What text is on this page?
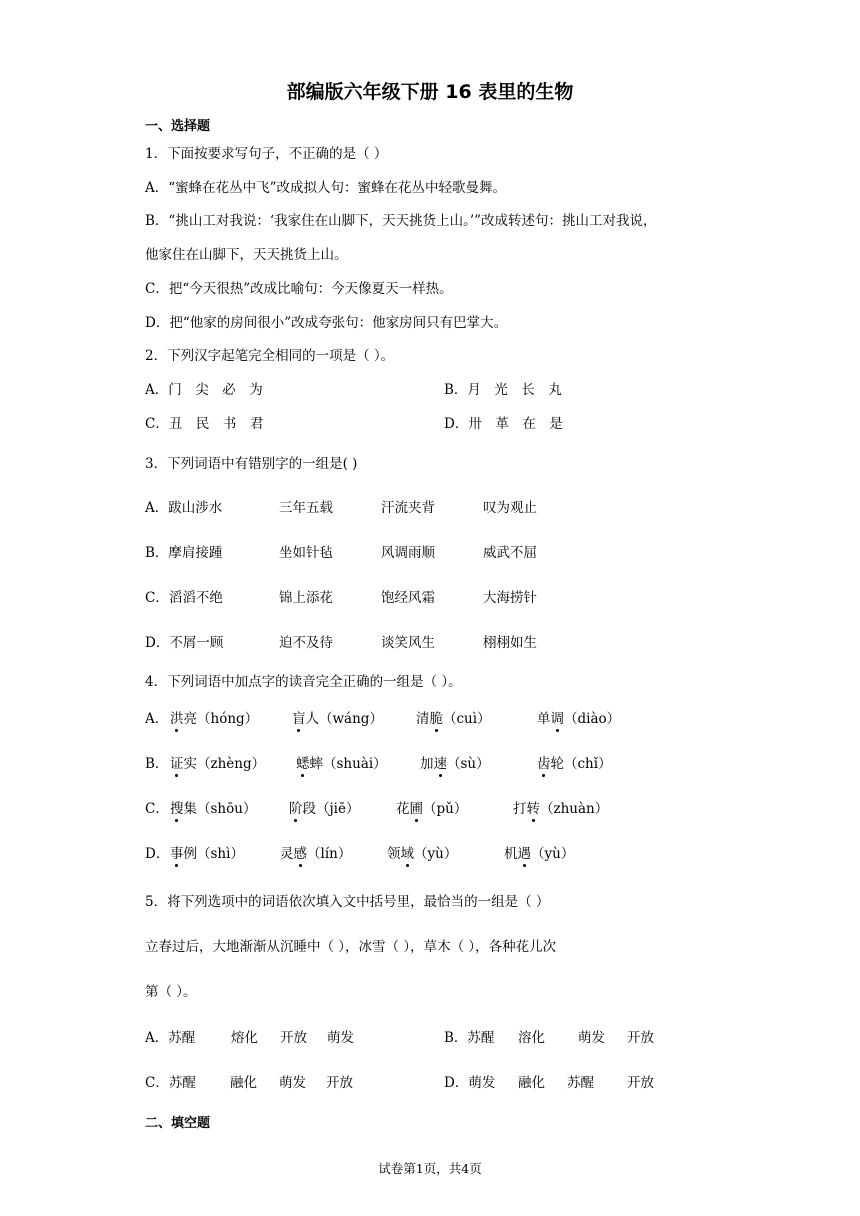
部编版六年级下册 16 表里的生物
一、选择题
1．下面按要求写句子，不正确的是（ ）
A．“蜜蜂在花丛中飞”改成拟人句：蜜蜂在花丛中轻歌曼舞。
B．“挑山工对我说：‘我家住在山脚下，天天挑货上山。’”改成转述句：挑山工对我说，
他家住在山脚下，天天挑货上山。
C．把“今天很热”改成比喻句：今天像夏天一样热。
D．把“他家的房间很小”改成夸张句：他家房间只有巴掌大。
2．下列汉字起笔完全相同的一项是（ ）。
A．门　尖　必　为	B．月　光　长　丸
C．丑　民　书　君	D．卅　革　在　是
3．下列词语中有错别字的一组是( )
A．跋山涉水	三年五载	汗流夹背	叹为观止
B．摩肩接踵	坐如针毡	风调雨顺	威武不屈
C．滔滔不绝	锦上添花	饱经风霜	大海捞针
D．不屑一顾	迫不及待	谈笑风生	栩栩如生
4．下列词语中加点字的读音完全正确的一组是（ ）。
A． 洪亮（hóng）	盲人（wáng） 清脆（cuì）	单调（diào）
B． 证实（zhèng） 蟋蟀（shuài） 加速（sù）	齿轮（chǐ）
C． 搜集（shōu） 阶段（jiē）	花圃（pǔ）	打转（zhuàn）
D． 事例（shì）	灵感（lín）	领域（yù）	机遇（yù）
5．将下列选项中的词语依次填入文中括号里，最恰当的一组是（ ）
立春过后，大地渐渐从沉睡中（ ），冰雪（ ），草木（ ），各种花儿次
第（ ）。
A．苏醒	熔化 开放 萌发	B．苏醒 溶化 萌发 开放
C．苏醒	融化 萌发 开放	D．萌发 融化 苏醒 开放
二、填空题
试卷第1页，共4页
